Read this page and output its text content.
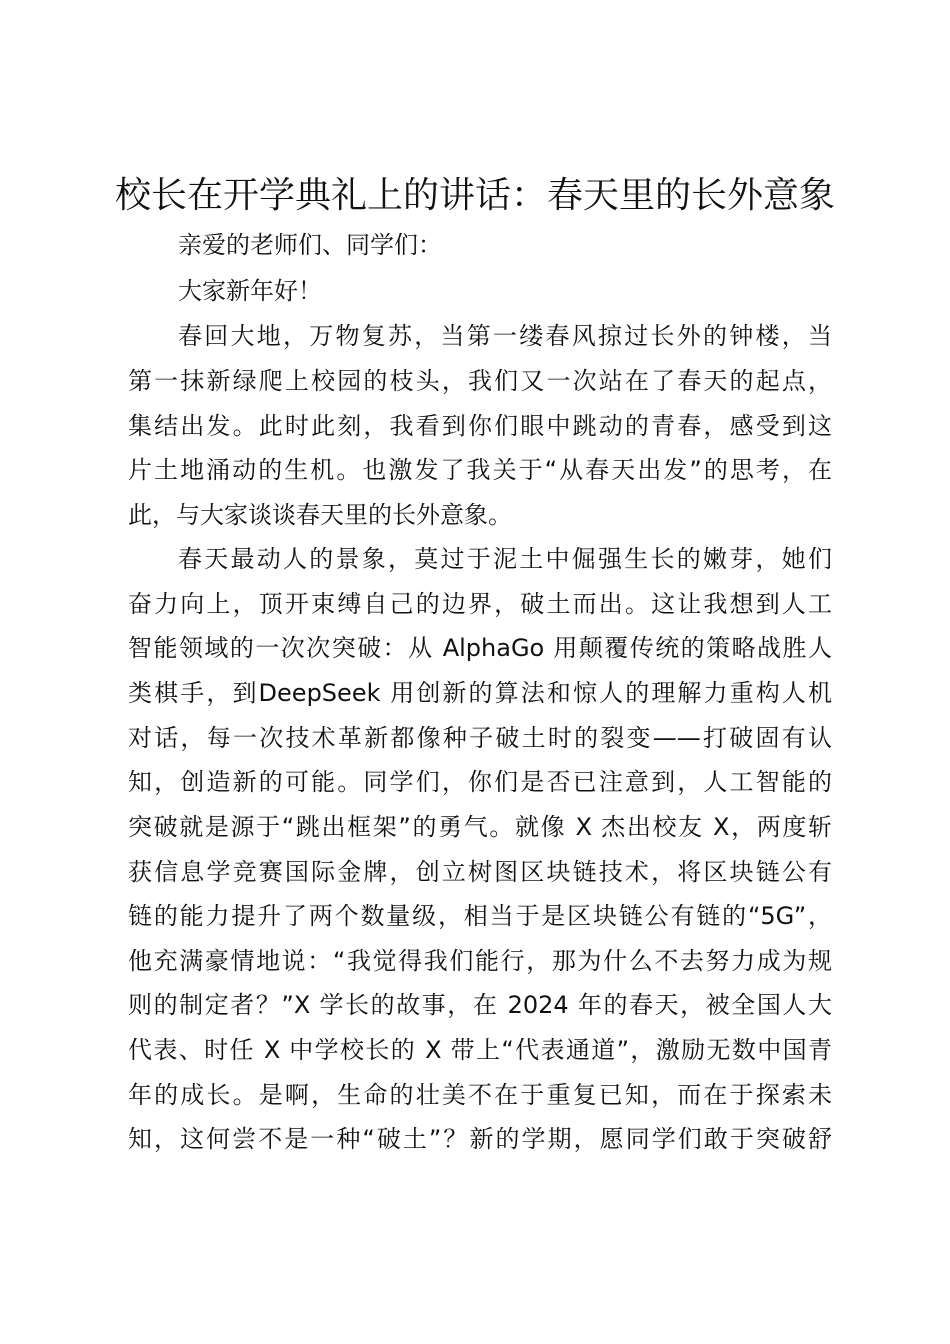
校长在开学典礼上的讲话：春天里的长外意象
亲爱的老师们、同学们：
大家新年好！
春回大地，万物复苏，当第一缕春风掠过长外的钟楼，当
第一抹新绿爬上校园的枝头，我们又一次站在了春天的起点，
集结出发。此时此刻，我看到你们眼中跳动的青春，感受到这
片土地涌动的生机。也激发了我关于“从春天出发”的思考，在
此，与大家谈谈春天里的长外意象。
春天最动人的景象，莫过于泥土中倔强生长的嫩芽，她们
奋力向上，顶开束缚自己的边界，破土而出。这让我想到人工
智能领域的一次次突破：从 AlphaGo 用颠覆传统的策略战胜人
类棋手，到DeepSeek 用创新的算法和惊人的理解力重构人机
对话，每一次技术革新都像种子破土时的裂变——打破固有认
知，创造新的可能。同学们，你们是否已注意到，人工智能的
突破就是源于“跳出框架”的勇气。就像 X 杰出校友 X，两度斩
获信息学竞赛国际金牌，创立树图区块链技术，将区块链公有
链的能力提升了两个数量级，相当于是区块链公有链的“5G”，
他充满豪情地说：“我觉得我们能行，那为什么不去努力成为规
则的制定者？”X 学长的故事，在 2024 年的春天，被全国人大
代表、时任 X 中学校长的 X 带上“代表通道”，激励无数中国青
年的成长。是啊，生命的壮美不在于重复已知，而在于探索未
知，这何尝不是一种“破土”？新的学期，愿同学们敢于突破舒
